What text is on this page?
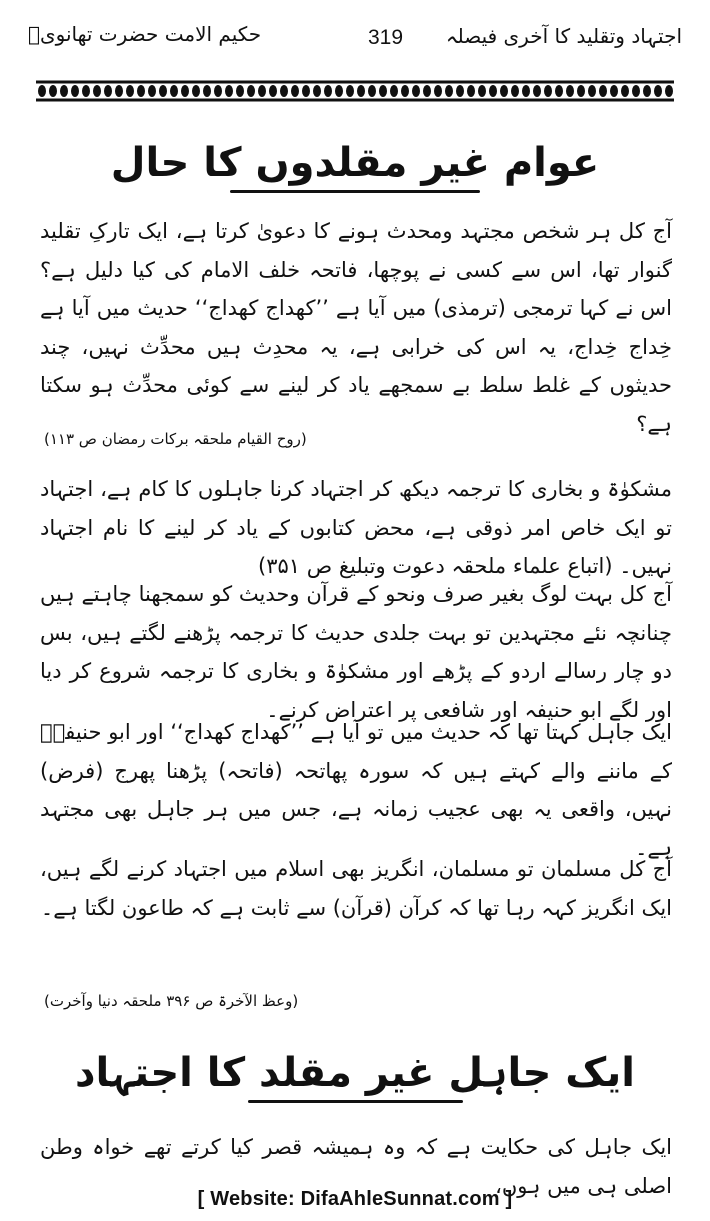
اجتہاد وتقلید کا آخری فیصلہ
319
حکیم الامت حضرت تھانویؒ
عوام غیر مقلدوں کا حال

آج کل ہر شخص مجتہد ومحدث ہونے کا دعویٰ کرتا ہے، ایک تارکِ تقلید گنوار تھا، اس سے کسی نے پوچھا، فاتحہ خلف الامام کی کیا دلیل ہے؟ اس نے کہا ترمجی (ترمذی) میں آیا ہے ’’کھداج کھداج‘‘ حدیث میں آیا ہے خِداج خِداج، یہ اس کی خرابی ہے، یہ محدِث ہیں محدِّث نہیں، چند حدیثوں کے غلط سلط بے سمجھے یاد کر لینے سے کوئی محدِّث ہو سکتا ہے؟

(روح القیام ملحقہ برکات رمضان ص ۱۱۳)

مشکوٰۃ و بخاری کا ترجمہ دیکھ کر اجتہاد کرنا جاہلوں کا کام ہے، اجتہاد تو ایک خاص امر ذوقی ہے، محض کتابوں کے یاد کر لینے کا نام اجتہاد نہیں۔ (اتباع علماء ملحقہ دعوت وتبلیغ ص ۳۵۱)

آج کل بہت لوگ بغیر صرف ونحو کے قرآن وحدیث کو سمجھنا چاہتے ہیں چنانچہ نئے مجتہدین تو بہت جلدی حدیث کا ترجمہ پڑھنے لگتے ہیں، بس دو چار رسالے اردو کے پڑھے اور مشکوٰۃ و بخاری کا ترجمہ شروع کر دیا اور لگے ابو حنیفہ اور شافعی پر اعتراض کرنے۔

ایک جاہل کہتا تھا کہ حدیث میں تو آیا ہے ’’کھداج کھداج‘‘ اور ابو حنیفہؒ کے ماننے والے کہتے ہیں کہ سورہ پھاتحہ (فاتحہ) پڑھنا پھرج (فرض) نہیں، واقعی یہ بھی عجیب زمانہ ہے، جس میں ہر جاہل بھی مجتہد ہے۔

آج کل مسلمان تو مسلمان، انگریز بھی اسلام میں اجتہاد کرنے لگے ہیں، ایک انگریز کہہ رہا تھا کہ کرآن (قرآن) سے ثابت ہے کہ طاعون لگتا ہے۔

(وعظ الآخرۃ ص ۳۹۶ ملحقہ دنیا وآخرت)
ایک جاہل غیر مقلد کا اجتہاد

ایک جاہل کی حکایت ہے کہ وہ ہمیشہ قصر کیا کرتے تھے خواہ وطن اصلی ہی میں ہوں،

[ Website: DifaAhleSunnat.com ]
